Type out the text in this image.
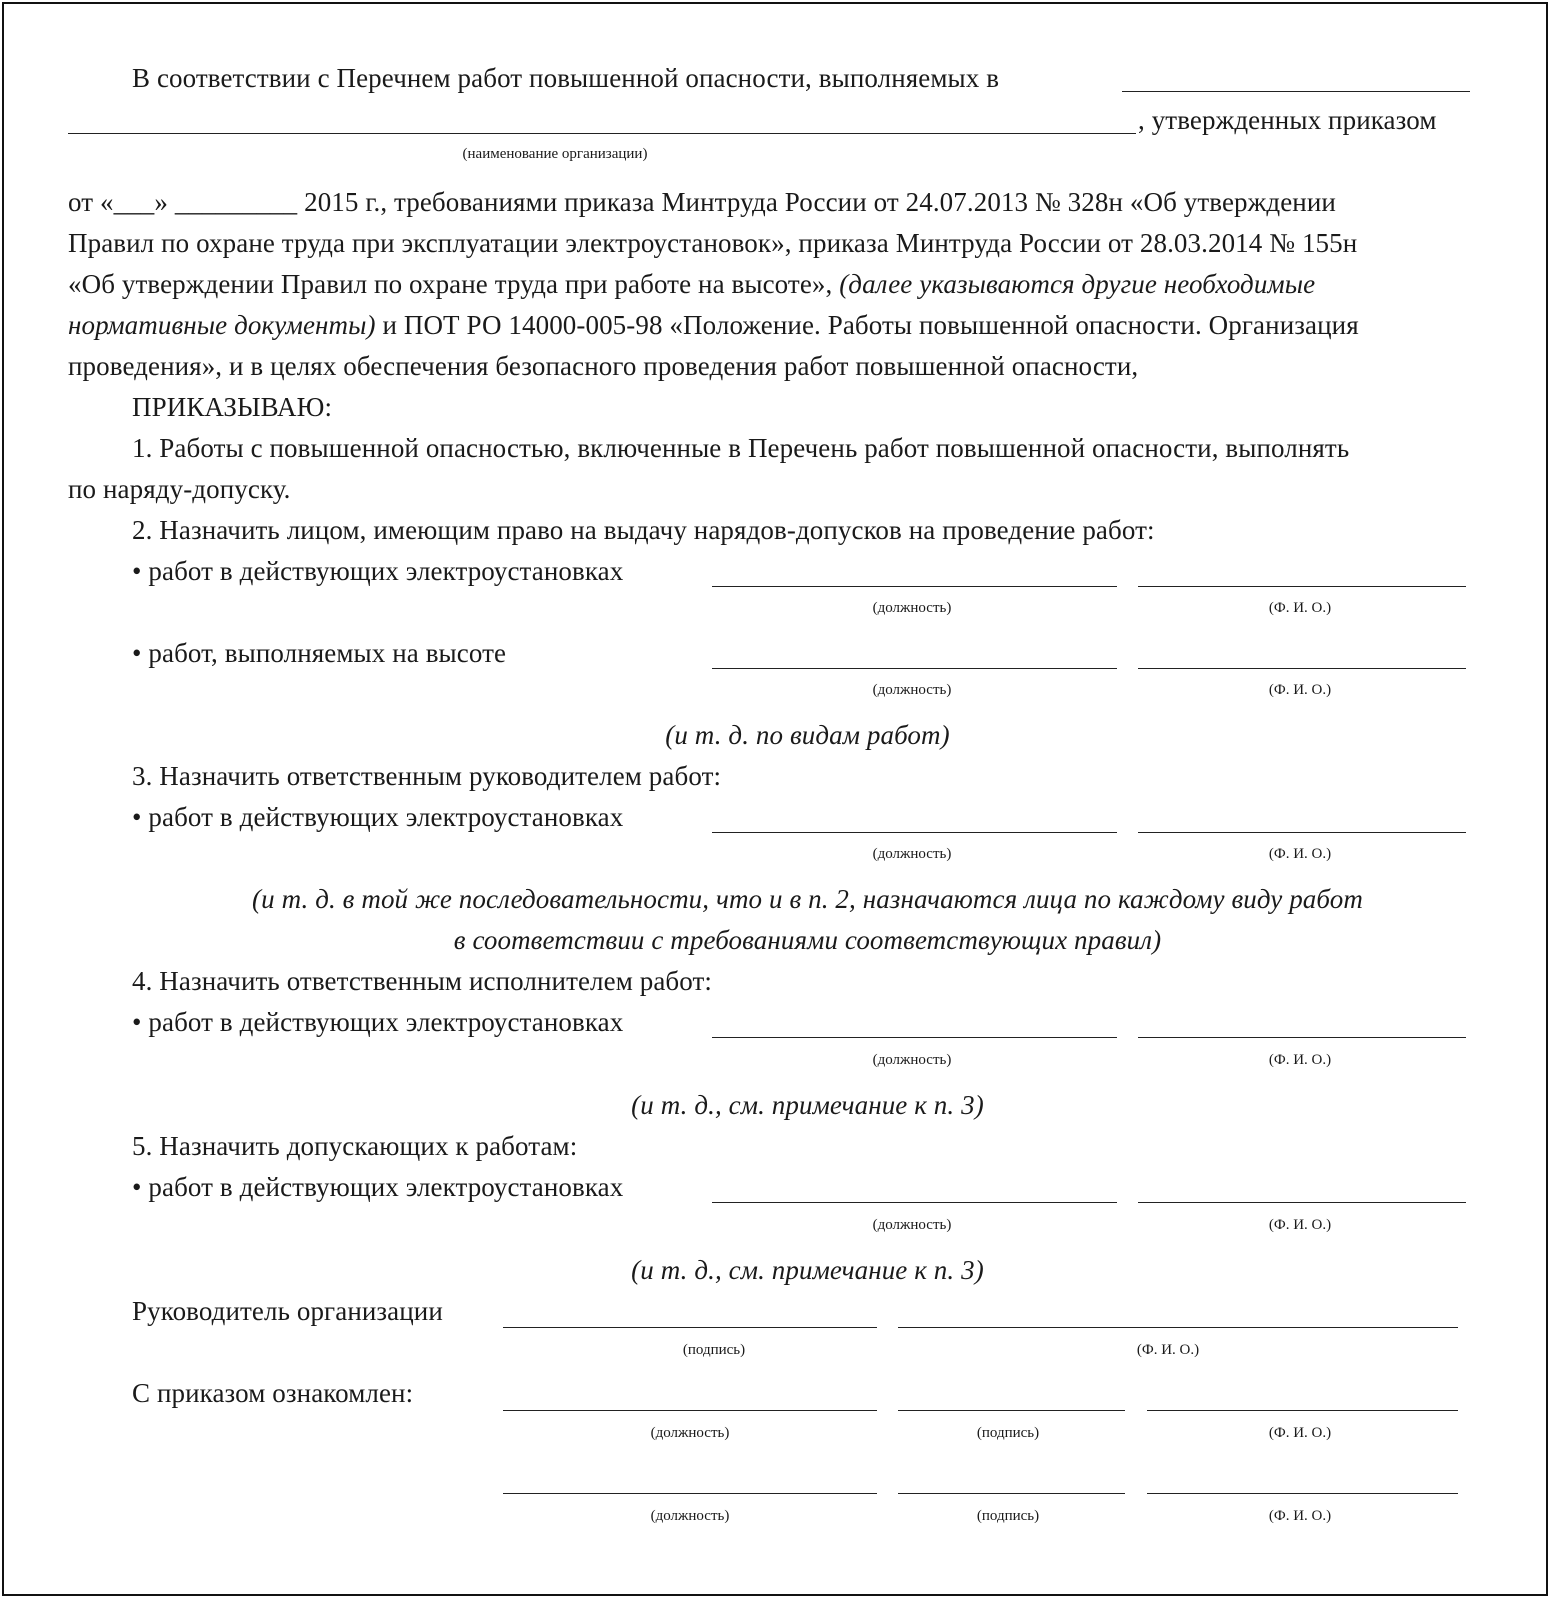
В соответствии с Перечнем работ повышенной опасности, выполняемых в
, утвержденных приказом
(наименование организации)
от «___» _________ 2015 г., требованиями приказа Минтруда России от 24.07.2013 № 328н «Об утверждении
Правил по охране труда при эксплуатации электроустановок», приказа Минтруда России от 28.03.2014 № 155н
«Об утверждении Правил по охране труда при работе на высоте», (далее указываются другие необходимые
нормативные документы) и ПОТ РО 14000-005-98 «Положение. Работы повышенной опасности. Организация
проведения», и в целях обеспечения безопасного проведения работ повышенной опасности,
ПРИКАЗЫВАЮ:
1. Работы с повышенной опасностью, включенные в Перечень работ повышенной опасности, выполнять
по наряду-допуску.
2. Назначить лицом, имеющим право на выдачу нарядов-допусков на проведение работ:
• работ в действующих электроустановках
(должность)	(Ф. И. О.)
• работ, выполняемых на высоте
(должность)	(Ф. И. О.)
(и т. д. по видам работ)
3. Назначить ответственным руководителем работ:
• работ в действующих электроустановках
(должность)	(Ф. И. О.)
(и т. д. в той же последовательности, что и в п. 2, назначаются лица по каждому виду работ
в соответствии с требованиями соответствующих правил)
4. Назначить ответственным исполнителем работ:
• работ в действующих электроустановках
(должность)	(Ф. И. О.)
(и т. д., см. примечание к п. 3)
5. Назначить допускающих к работам:
• работ в действующих электроустановках
(должность)	(Ф. И. О.)
(и т. д., см. примечание к п. 3)
Руководитель организации
(подпись)	(Ф. И. О.)
С приказом ознакомлен:
(должность)	(подпись)	(Ф. И. О.)
(должность)	(подпись)	(Ф. И. О.)
